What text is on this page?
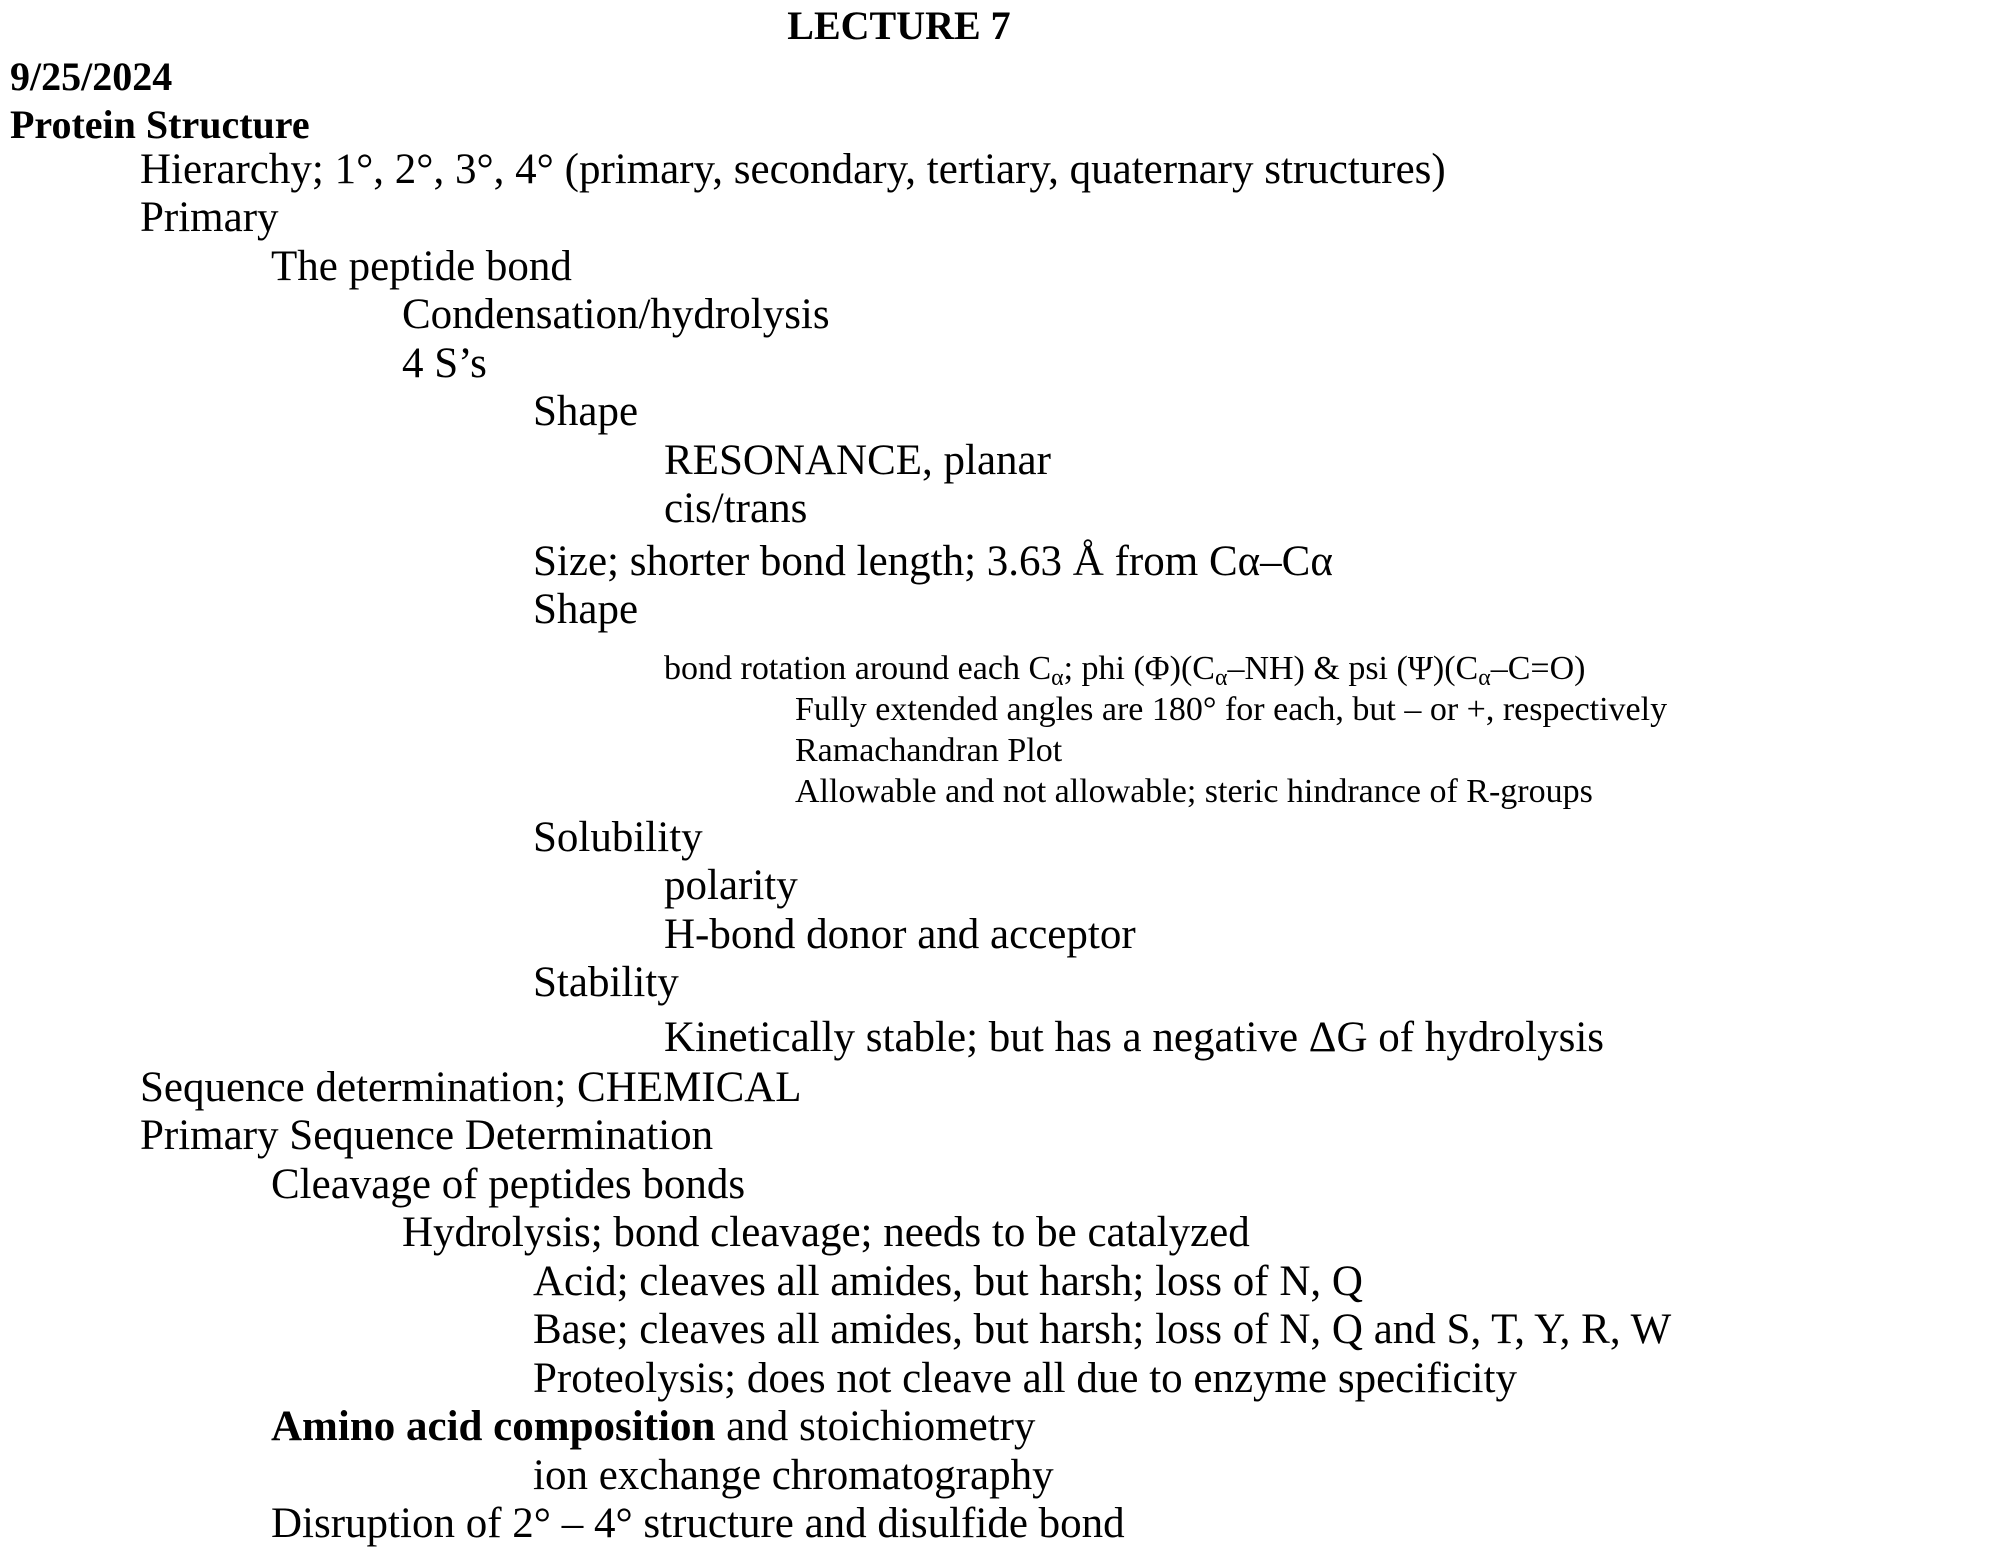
LECTURE 7
9/25/2024
Protein Structure
Hierarchy; 1°, 2°, 3°, 4° (primary, secondary, tertiary, quaternary structures)
Primary
The peptide bond
Condensation/hydrolysis
4 S’s
Shape
RESONANCE, planar
cis/trans
Size; shorter bond length; 3.63 Å from Cα–Cα
Shape
bond rotation around each $C_\alpha$; phi $(\Phi)(C_\alpha-NH)$ & psi $(\Psi)(C_\alpha-C=O)$
Fully extended angles are 180° for each, but – or +, respectively
Ramachandran Plot
Allowable and not allowable; steric hindrance of R-groups
Solubility
polarity
H-bond donor and acceptor
Stability
Kinetically stable; but has a negative ΔG of hydrolysis
Sequence determination; CHEMICAL
Primary Sequence Determination
Cleavage of peptides bonds
Hydrolysis; bond cleavage; needs to be catalyzed
Acid; cleaves all amides, but harsh; loss of N, Q
Base; cleaves all amides, but harsh; loss of N, Q and S, T, Y, R, W
Proteolysis; does not cleave all due to enzyme specificity
Amino acid composition and stoichiometry
ion exchange chromatography
Disruption of 2° – 4° structure and disulfide bond
